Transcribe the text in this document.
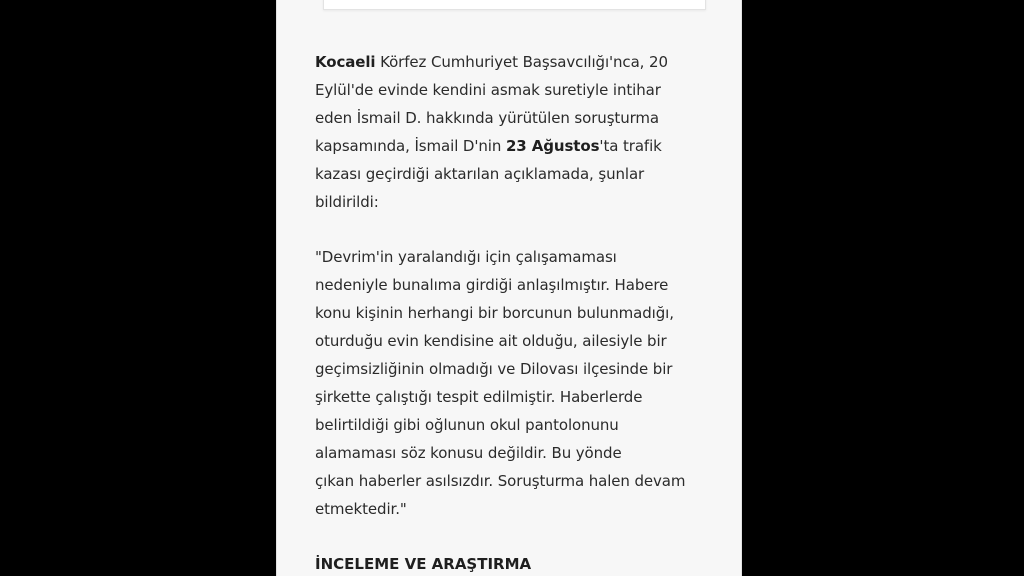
Kocaeli Körfez Cumhuriyet Başsavcılığı'nca, 20
Eylül'de evinde kendini asmak suretiyle intihar
eden İsmail D. hakkında yürütülen soruşturma
kapsamında, İsmail D'nin 23 Ağustos'ta trafik
kazası geçirdiği aktarılan açıklamada, şunlar
bildirildi:
"Devrim'in yaralandığı için çalışamaması
nedeniyle bunalıma girdiği anlaşılmıştır. Habere
konu kişinin herhangi bir borcunun bulunmadığı,
oturduğu evin kendisine ait olduğu, ailesiyle bir
geçimsizliğinin olmadığı ve Dilovası ilçesinde bir
şirkette çalıştığı tespit edilmiştir. Haberlerde
belirtildiği gibi oğlunun okul pantolonunu
alamaması söz konusu değildir. Bu yönde
çıkan haberler asılsızdır. Soruşturma halen devam
etmektedir."
İNCELEME VE ARAŞTIRMA
